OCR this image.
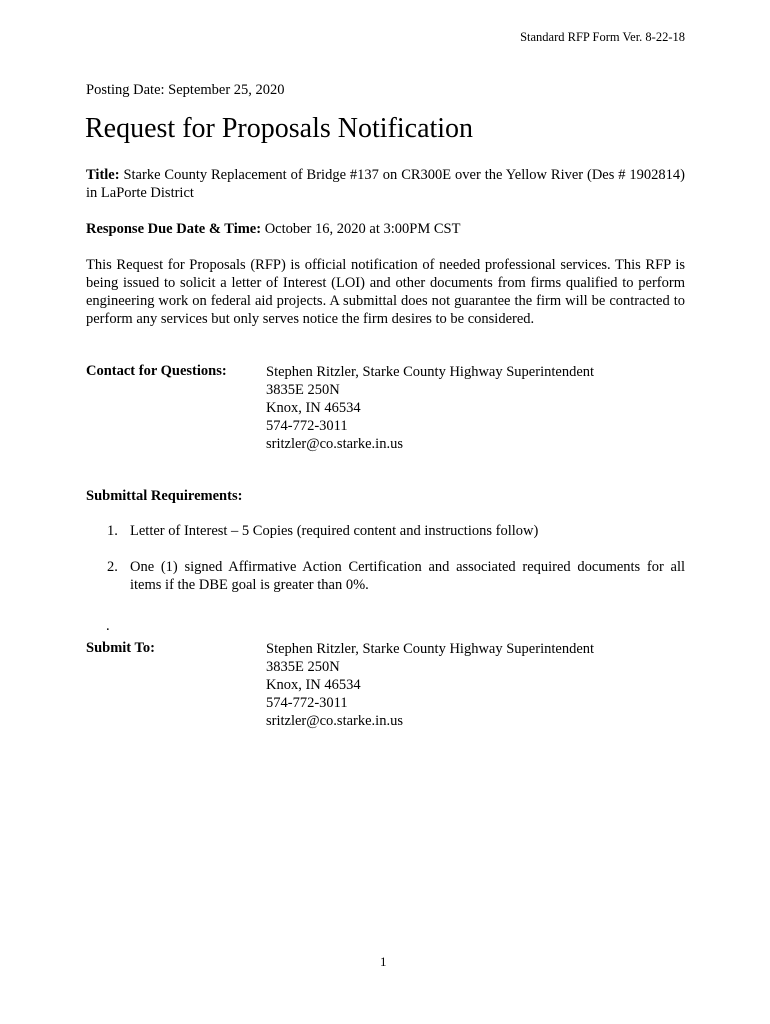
Standard RFP Form Ver. 8-22-18
Posting Date: September 25, 2020
Request for Proposals Notification

Title: Starke County Replacement of Bridge #137 on CR300E over the Yellow River (Des # 1902814) in LaPorte District

Response Due Date & Time: October 16, 2020 at 3:00PM CST

This Request for Proposals (RFP) is official notification of needed professional services. This RFP is being issued to solicit a letter of Interest (LOI) and other documents from firms qualified to perform engineering work on federal aid projects. A submittal does not guarantee the firm will be contracted to perform any services but only serves notice the firm desires to be considered.

Contact for Questions:	Stephen Ritzler, Starke County Highway Superintendent
3835E 250N
Knox, IN 46534
574-772-3011
sritzler@co.starke.in.us
Submittal Requirements:
1. Letter of Interest – 5 Copies (required content and instructions follow)
2. One (1) signed Affirmative Action Certification and associated required documents for all items if the DBE goal is greater than 0%.
.
Submit To:	Stephen Ritzler, Starke County Highway Superintendent
3835E 250N
Knox, IN 46534
574-772-3011
sritzler@co.starke.in.us
1
